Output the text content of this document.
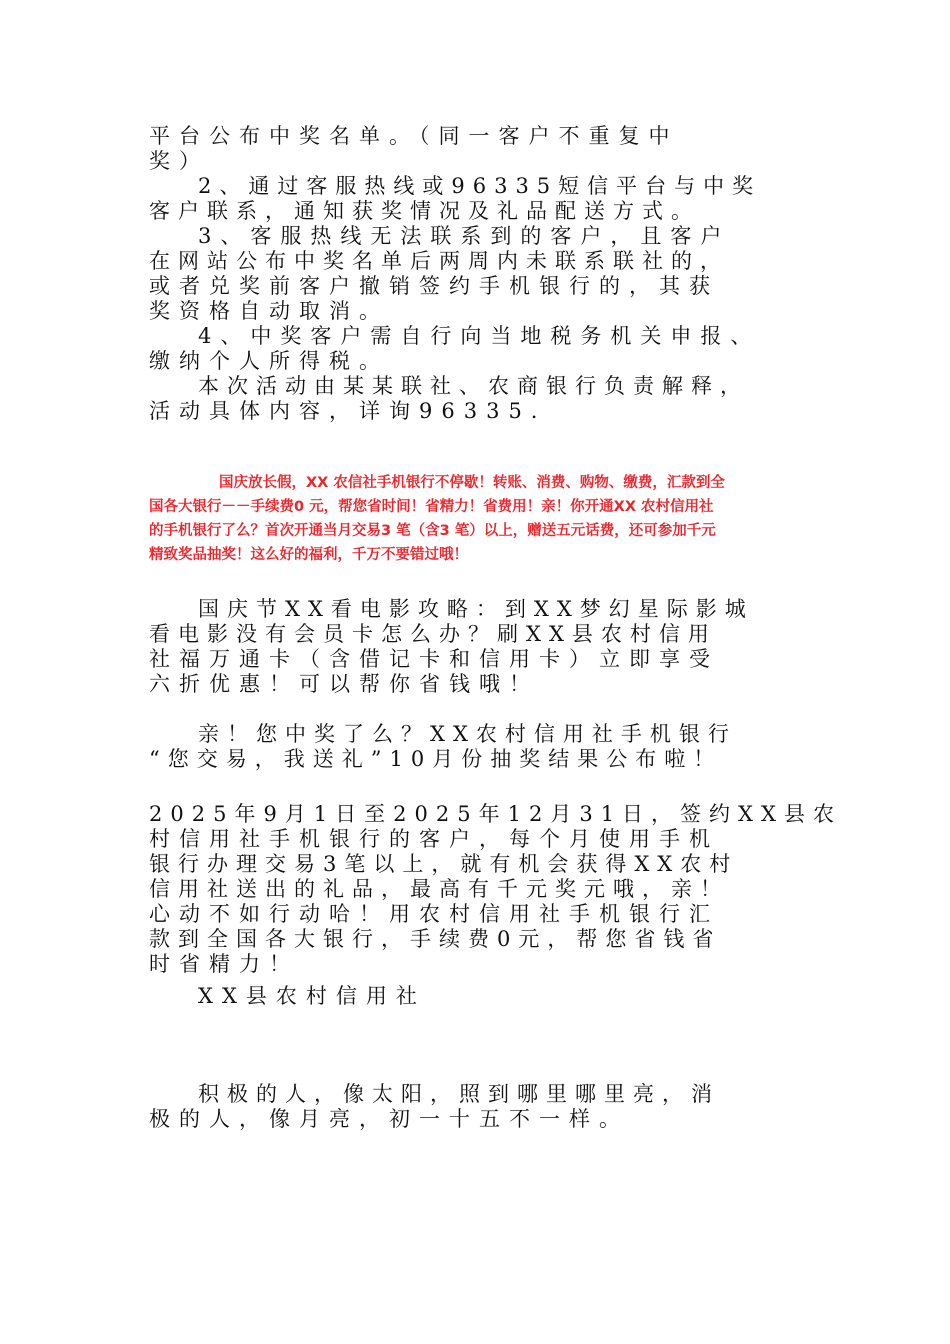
平台公布中奖名单。（同一客户不重复中
奖）
2、通过客服热线或96335短信平台与中奖
客户联系，通知获奖情况及礼品配送方式。
3、客服热线无法联系到的客户，且客户
在网站公布中奖名单后两周内未联系联社的，
或者兑奖前客户撤销签约手机银行的，其获
奖资格自动取消。
4、中奖客户需自行向当地税务机关申报、
缴纳个人所得税。
本次活动由某某联社、农商银行负责解释，
活动具体内容，详询96335.
国庆放长假，XX 农信社手机银行不停歇！转账、消费、购物、缴费，汇款到全
国各大银行－－手续费0 元，帮您省时间！省精力！省费用！亲！你开通XX 农村信用社
的手机银行了么？首次开通当月交易3 笔（含3 笔）以上，赠送五元话费，还可参加千元
精致奖品抽奖！这么好的福利，千万不要错过哦！
国庆节XX看电影攻略：到XX梦幻星际影城
看电影没有会员卡怎么办？刷XX县农村信用
社福万通卡（含借记卡和信用卡）立即享受
六折优惠！可以帮你省钱哦！
亲！您中奖了么？XX农村信用社手机银行
“您交易，我送礼”10月份抽奖结果公布啦！
2025年9月1日至2025年12月31日，签约XX县农
村信用社手机银行的客户，每个月使用手机
银行办理交易3笔以上，就有机会获得XX农村
信用社送出的礼品，最高有千元奖元哦，亲！
心动不如行动哈！用农村信用社手机银行汇
款到全国各大银行，手续费0元，帮您省钱省
时省精力！
XX县农村信用社
积极的人，像太阳，照到哪里哪里亮，消
极的人，像月亮，初一十五不一样。
